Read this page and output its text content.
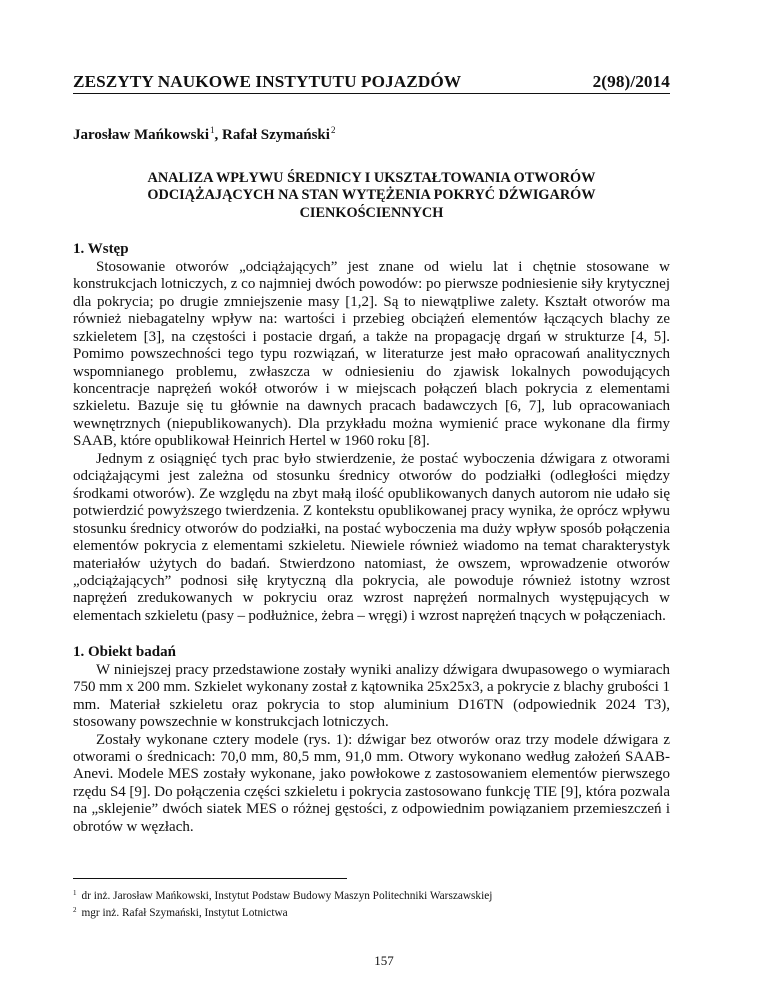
ZESZYTY NAUKOWE INSTYTUTU POJAZDÓW	2(98)/2014
Jarosław Mańkowski$^1$, Rafał Szymański$^2$
ANALIZA WPŁYWU ŚREDNICY I UKSZTAŁTOWANIA OTWORÓW ODCIĄŻAJĄCYCH NA STAN WYTĘŻENIA POKRYĆ DŹWIGARÓW CIENKOŚCIENNYCH
1. Wstęp

Stosowanie otworów „odciążających” jest znane od wielu lat i chętnie stosowane w konstrukcjach lotniczych, z co najmniej dwóch powodów: po pierwsze podniesienie siły krytycznej dla pokrycia; po drugie zmniejszenie masy [1,2]. Są to niewątpliwe zalety. Kształt otworów ma również niebagatelny wpływ na: wartości i przebieg obciążeń elementów łączących blachy ze szkieletem [3], na częstości i postacie drgań, a także na propagację drgań w strukturze [4, 5]. Pomimo powszechności tego typu rozwiązań, w literaturze jest mało opracowań analitycznych wspomnianego problemu, zwłaszcza w odniesieniu do zjawisk lokalnych powodujących koncentracje naprężeń wokół otworów i w miejscach połączeń blach pokrycia z elementami szkieletu. Bazuje się tu głównie na dawnych pracach badawczych [6, 7], lub opracowaniach wewnętrznych (niepublikowanych). Dla przykładu można wymienić prace wykonane dla firmy SAAB, które opublikował Heinrich Hertel w 1960 roku [8].

Jednym z osiągnięć tych prac było stwierdzenie, że postać wyboczenia dźwigara z otworami odciążającymi jest zależna od stosunku średnicy otworów do podziałki (odległości między środkami otworów). Ze względu na zbyt małą ilość opublikowanych danych autorom nie udało się potwierdzić powyższego twierdzenia. Z kontekstu opublikowanej pracy wynika, że oprócz wpływu stosunku średnicy otworów do podziałki, na postać wyboczenia ma duży wpływ sposób połączenia elementów pokrycia z elementami szkieletu. Niewiele również wiadomo na temat charakterystyk materiałów użytych do badań. Stwierdzono natomiast, że owszem, wprowadzenie otworów „odciążających” podnosi siłę krytyczną dla pokrycia, ale powoduje również istotny wzrost naprężeń zredukowanych w pokryciu oraz wzrost naprężeń normalnych występujących w elementach szkieletu (pasy – podłużnice, żebra – wręgi) i wzrost naprężeń tnących w połączeniach.

1. Obiekt badań

W niniejszej pracy przedstawione zostały wyniki analizy dźwigara dwupasowego o wymiarach 750 mm x 200 mm. Szkielet wykonany został z kątownika 25x25x3, a pokrycie z blachy grubości 1 mm. Materiał szkieletu oraz pokrycia to stop aluminium D16TN (odpowiednik 2024 T3), stosowany powszechnie w konstrukcjach lotniczych.

Zostały wykonane cztery modele (rys. 1): dźwigar bez otworów oraz trzy modele dźwigara z otworami o średnicach: 70,0 mm, 80,5 mm, 91,0 mm. Otwory wykonano według założeń SAAB-Anevi. Modele MES zostały wykonane, jako powłokowe z zastosowaniem elementów pierwszego rzędu S4 [9]. Do połączenia części szkieletu i pokrycia zastosowano funkcję TIE [9], która pozwala na „sklejenie” dwóch siatek MES o różnej gęstości, z odpowiednim powiązaniem przemieszczeń i obrotów w węzłach.

$^1$ dr inż. Jarosław Mańkowski, Instytut Podstaw Budowy Maszyn Politechniki Warszawskiej
$^2$ mgr inż. Rafał Szymański, Instytut Lotnictwa
157
